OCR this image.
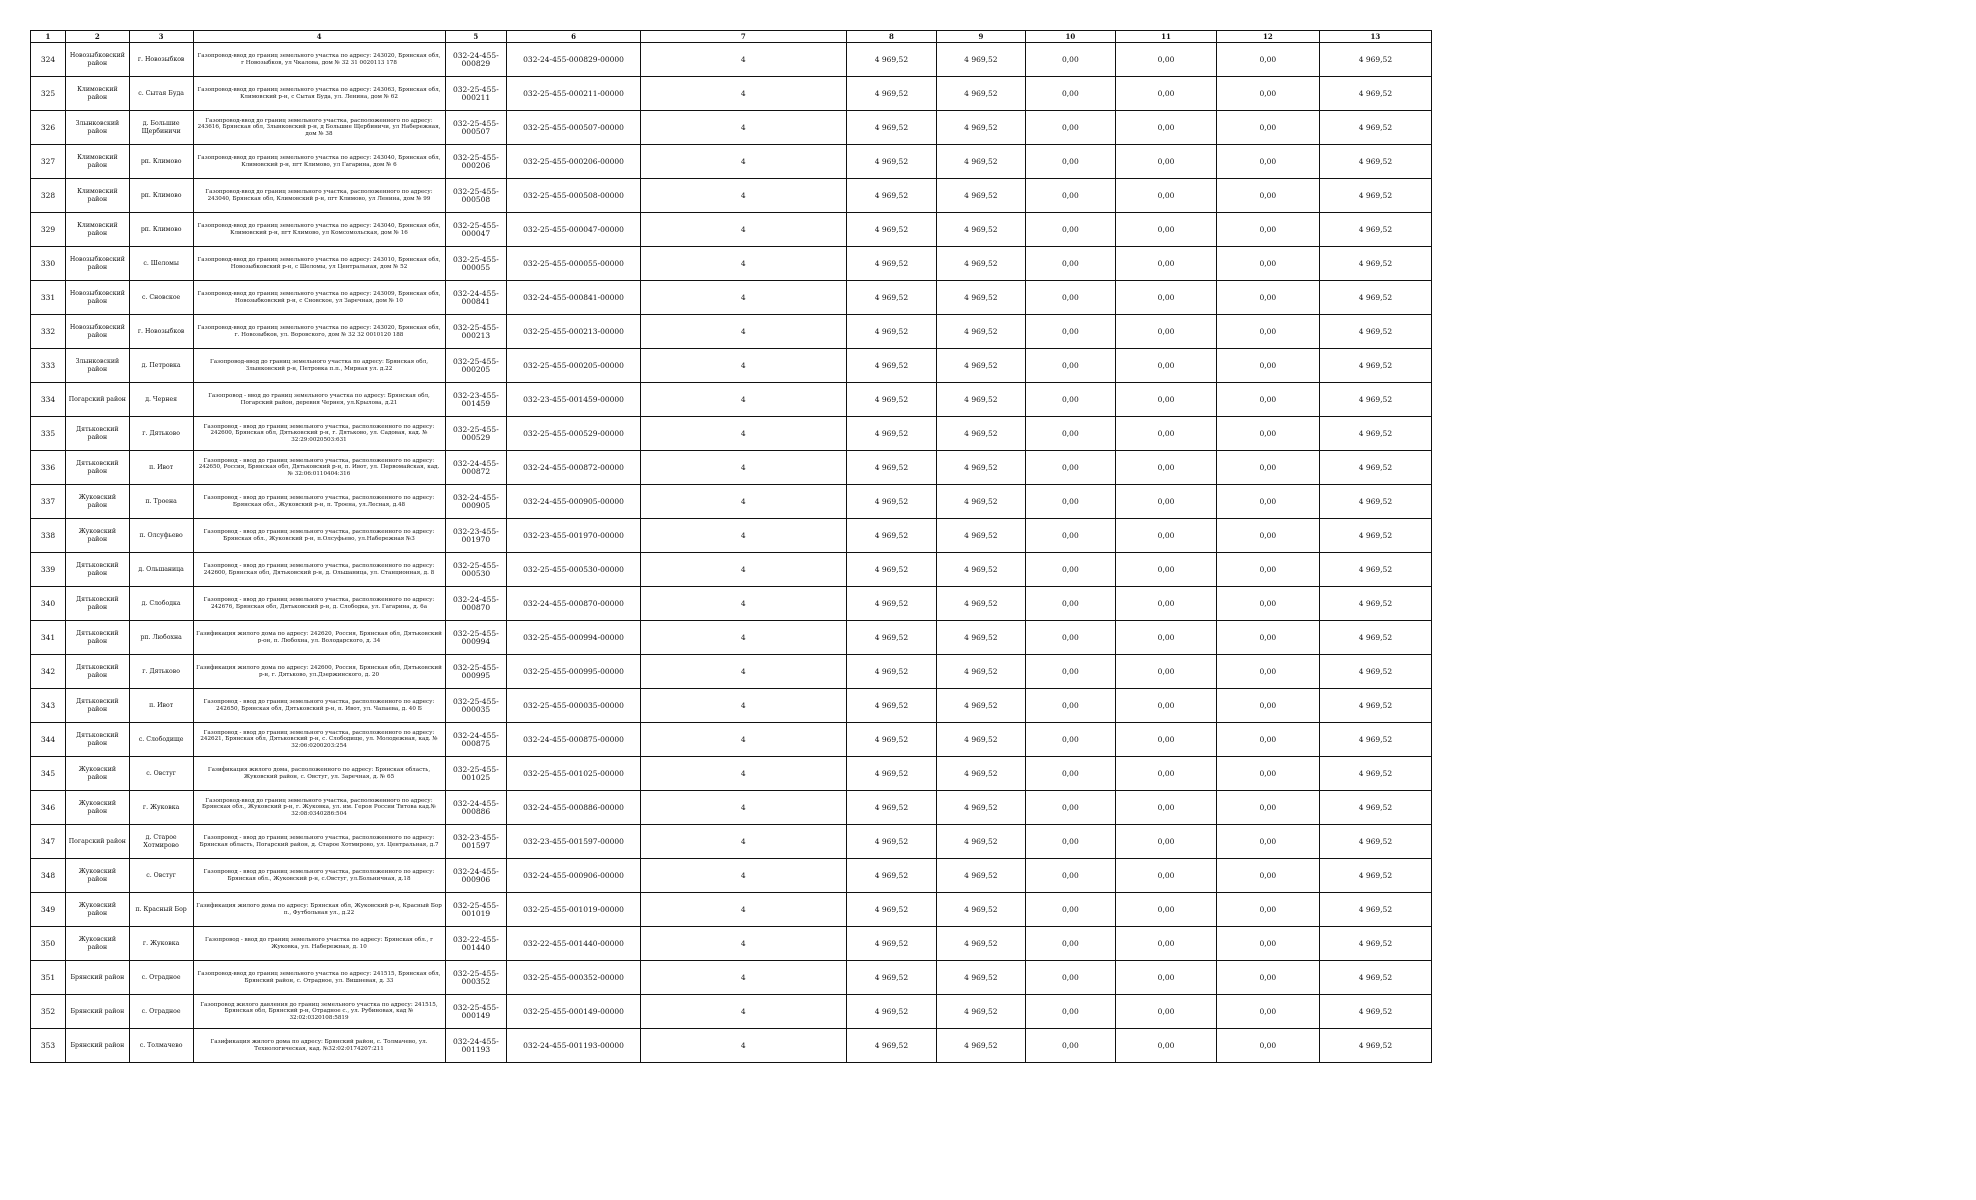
1	2	3	4	5	6	7	8	9	10	11	12	13
324	Новозыбковский район	г. Новозыбков	Газопровод-ввод до границ земельного участка по адресу: 243020, Брянская обл, г Новозыбков, ул Чкалова, дом № 32 31 0020113 178	032-24-455-000829	032-24-455-000829-00000	4	4 969,52	4 969,52	0,00	0,00	0,00	4 969,52
325	Климовский район	с. Сытая Буда	Газопровод-ввод до границ земельного участка по адресу: 243063, Брянская обл, Климовский р-н, с Сытая Буда, ул. Ленина, дом № 62	032-25-455-000211	032-25-455-000211-00000	4	4 969,52	4 969,52	0,00	0,00	0,00	4 969,52
326	Злынковский район	д. Большие Щербиничи	Газопровод-ввод до границ земельного участка, расположенного по адресу: 243616, Брянская обл, Злынковский р-н, д Большие Щербиничи, ул Набережная, дом № 38	032-25-455-000507	032-25-455-000507-00000	4	4 969,52	4 969,52	0,00	0,00	0,00	4 969,52
327	Климовский район	рп. Климово	Газопровод-ввод до границ земельного участка по адресу: 243040, Брянская обл, Климовский р-н, пгт Климово, ул Гагарина, дом № 6	032-25-455-000206	032-25-455-000206-00000	4	4 969,52	4 969,52	0,00	0,00	0,00	4 969,52
328	Климовский район	рп. Климово	Газопровод-ввод до границ земельного участка, расположенного по адресу: 243040, Брянская обл, Климовский р-н, пгт Климово, ул Ленина, дом № 99	032-25-455-000508	032-25-455-000508-00000	4	4 969,52	4 969,52	0,00	0,00	0,00	4 969,52
329	Климовский район	рп. Климово	Газопровод-ввод до границ земельного участка по адресу: 243040, Брянская обл, Климовский р-н, пгт Климово, ул Комсомольская, дом № 16	032-25-455-000047	032-25-455-000047-00000	4	4 969,52	4 969,52	0,00	0,00	0,00	4 969,52
330	Новозыбковский район	с. Шеломы	Газопровод-ввод до границ земельного участка по адресу: 243010, Брянская обл, Новозыбковский р-н, с Шеломы, ул Центральная, дом № 52	032-25-455-000055	032-25-455-000055-00000	4	4 969,52	4 969,52	0,00	0,00	0,00	4 969,52
331	Новозыбковский район	с. Сновское	Газопровод-ввод до границ земельного участка по адресу: 243009, Брянская обл, Новозыбковский р-н, с Сновское, ул Заречная, дом № 10	032-24-455-000841	032-24-455-000841-00000	4	4 969,52	4 969,52	0,00	0,00	0,00	4 969,52
332	Новозыбковский район	г. Новозыбков	Газопровод-ввод до границ земельного участка по адресу: 243020, Брянская обл, г. Новозыбков, ул. Воровского, дом № 32 32 0010120 188	032-25-455-000213	032-25-455-000213-00000	4	4 969,52	4 969,52	0,00	0,00	0,00	4 969,52
333	Злынковский район	д. Петровка	Газопровод-ввод до границ земельного участка по адресу: Брянская обл, Злынковский р-н, Петровка п.п., Мирная ул. д.22	032-25-455-000205	032-25-455-000205-00000	4	4 969,52	4 969,52	0,00	0,00	0,00	4 969,52
334	Погарский район	д. Чернея	Газопровод - ввод до границ земельного участка по адресу: Брянская обл, Погарский район, деревня Чернея, ул.Крылова, д.21	032-23-455-001459	032-23-455-001459-00000	4	4 969,52	4 969,52	0,00	0,00	0,00	4 969,52
335	Дятьковский район	г. Дятьково	Газопровод - ввод до границ земельного участка, расположенного по адресу: 242600, Брянская обл, Дятьковский р-н, г. Дятьково, ул. Садовая, кад. № 32:29:0020503:631	032-25-455-000529	032-25-455-000529-00000	4	4 969,52	4 969,52	0,00	0,00	0,00	4 969,52
336	Дятьковский район	п. Ивот	Газопровод - ввод до границ земельного участка, расположенного по адресу: 242650, Россия, Брянская обл, Дятьковский р-н, п. Ивот, ул. Первомайская, кад. № 32:06:0110404:316	032-24-455-000872	032-24-455-000872-00000	4	4 969,52	4 969,52	0,00	0,00	0,00	4 969,52
337	Жуковский район	п. Троена	Газопровод - ввод до границ земельного участка, расположенного по адресу: Брянская обл., Жуковский р-н, п. Троена, ул.Лесная, д.48	032-24-455-000905	032-24-455-000905-00000	4	4 969,52	4 969,52	0,00	0,00	0,00	4 969,52
338	Жуковский район	п. Олсуфьево	Газопровод - ввод до границ земельного участка, расположенного по адресу: Брянская обл., Жуковский р-н, п.Олсуфьево, ул.Набережная №3	032-23-455-001970	032-23-455-001970-00000	4	4 969,52	4 969,52	0,00	0,00	0,00	4 969,52
339	Дятьковский район	д. Ольшаница	Газопровод - ввод до границ земельного участка, расположенного по адресу: 242600, Брянская обл, Дятьковский р-н, д. Ольшаница, ул. Станционная, д. 8	032-25-455-000530	032-25-455-000530-00000	4	4 969,52	4 969,52	0,00	0,00	0,00	4 969,52
340	Дятьковский район	д. Слободка	Газопровод - ввод до границ земельного участка, расположенного по адресу: 242676, Брянская обл, Дятьковский р-н, д. Слободка, ул. Гагарина, д. 6а	032-24-455-000870	032-24-455-000870-00000	4	4 969,52	4 969,52	0,00	0,00	0,00	4 969,52
341	Дятьковский район	рп. Любохна	Газификация жилого дома по адресу: 242620, Россия, Брянская обл, Дятьковский р-он, п. Любохна, ул. Володарского, д. 34	032-25-455-000994	032-25-455-000994-00000	4	4 969,52	4 969,52	0,00	0,00	0,00	4 969,52
342	Дятьковский район	г. Дятьково	Газификация жилого дома по адресу: 242600, Россия, Брянская обл, Дятьковский р-н, г. Дятьково, ул.Дзержинского, д. 20	032-25-455-000995	032-25-455-000995-00000	4	4 969,52	4 969,52	0,00	0,00	0,00	4 969,52
343	Дятьковский район	п. Ивот	Газопровод - ввод до границ земельного участка, расположенного по адресу: 242650, Брянская обл, Дятьковский р-н, п. Ивот, ул. Чапаева, д. 40 Б	032-25-455-000035	032-25-455-000035-00000	4	4 969,52	4 969,52	0,00	0,00	0,00	4 969,52
344	Дятьковский район	с. Слободище	Газопровод - ввод до границ земельного участка, расположенного по адресу: 242621, Брянская обл, Дятьковский р-н, с. Слободище, ул. Молодежная, кад. № 32:06:0200203:254	032-24-455-000875	032-24-455-000875-00000	4	4 969,52	4 969,52	0,00	0,00	0,00	4 969,52
345	Жуковский район	с. Овстуг	Газификация жилого дома, расположенного по адресу: Брянская область, Жуковский район, с. Овстуг, ул. Заречная, д. № 65	032-25-455-001025	032-25-455-001025-00000	4	4 969,52	4 969,52	0,00	0,00	0,00	4 969,52
346	Жуковский район	г. Жуковка	Газопровод-ввод до границ земельного участка, расположенного по адресу: Брянская обл., Жуковский р-н, г. Жуковка, ул. им. Героя России Титова кад.№ 32:08:0340286:504	032-24-455-000886	032-24-455-000886-00000	4	4 969,52	4 969,52	0,00	0,00	0,00	4 969,52
347	Погарский район	д. Старое Хотмирово	Газопровод - ввод до границ земельного участка, расположенного по адресу: Брянская область, Погарский район, д. Старое Хотмирово, ул. Центральная, д.7	032-23-455-001597	032-23-455-001597-00000	4	4 969,52	4 969,52	0,00	0,00	0,00	4 969,52
348	Жуковский район	с. Овстуг	Газопровод - ввод до границ земельного участка, расположенного по адресу: Брянская обл., Жуковский р-н, с.Овстуг, ул.Больничная, д.18	032-24-455-000906	032-24-455-000906-00000	4	4 969,52	4 969,52	0,00	0,00	0,00	4 969,52
349	Жуковский район	п. Красный Бор	Газификация жилого дома по адресу: Брянская обл, Жуковский р-н, Красный Бор п., Футбольная ул., д.22	032-25-455-001019	032-25-455-001019-00000	4	4 969,52	4 969,52	0,00	0,00	0,00	4 969,52
350	Жуковский район	г. Жуковка	Газопровод - ввод до границ земельного участка по адресу: Брянская обл., г Жуковка, ул. Набережная, д. 10	032-22-455-001440	032-22-455-001440-00000	4	4 969,52	4 969,52	0,00	0,00	0,00	4 969,52
351	Брянский район	с. Отрадное	Газопровод-ввод до границ земельного участка по адресу: 241515, Брянская обл, Брянский район, с. Отрадное, ул. Вишневая, д. 33	032-25-455-000352	032-25-455-000352-00000	4	4 969,52	4 969,52	0,00	0,00	0,00	4 969,52
352	Брянский район	с. Отрадное	Газопровод жилого давления до границ земельного участка по адресу: 241515, Брянская обл, Брянский р-н, Отрадное с., ул. Рубиновая, кад № 32:02:0320108:5819	032-25-455-000149	032-25-455-000149-00000	4	4 969,52	4 969,52	0,00	0,00	0,00	4 969,52
353	Брянский район	с. Толмачево	Газификация жилого дома по адресу: Брянский район, с. Толмачево, ул. Технологическая, кад. №32:02:0174207:211	032-24-455-001193	032-24-455-001193-00000	4	4 969,52	4 969,52	0,00	0,00	0,00	4 969,52
